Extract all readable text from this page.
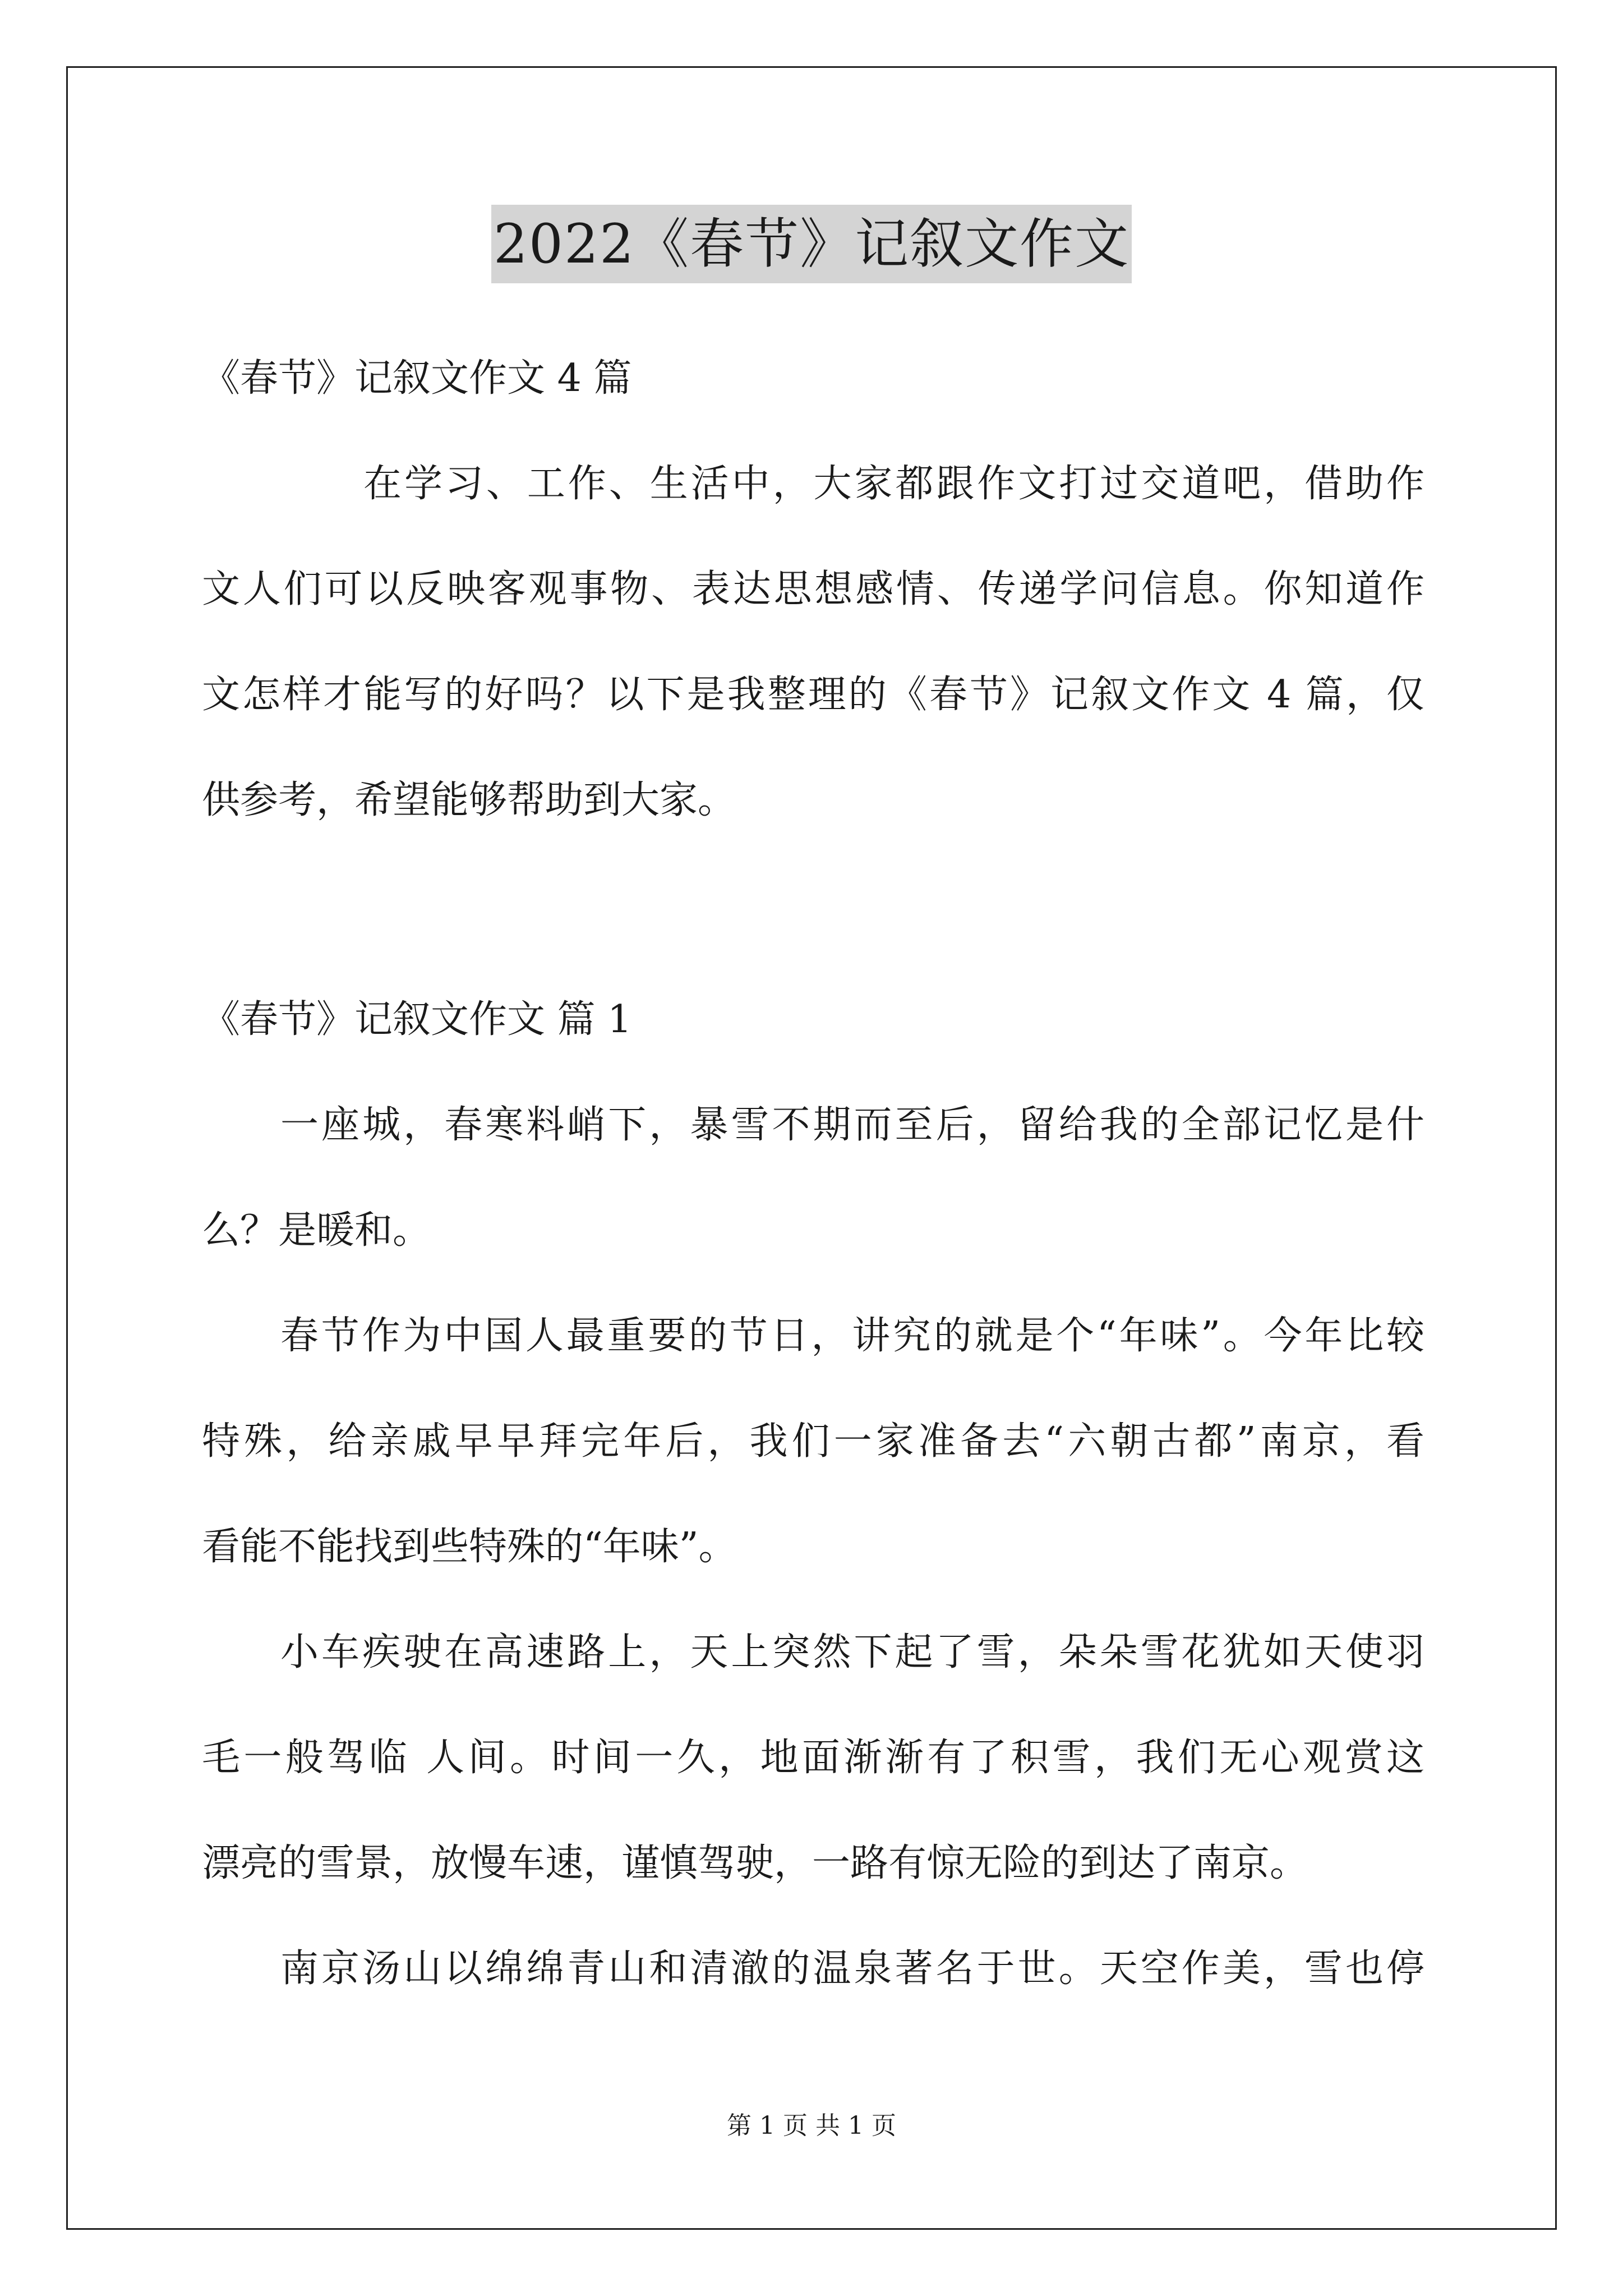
2022《春节》记叙文作文
《春节》记叙文作文 4 篇
在学习、工作、生活中，大家都跟作文打过交道吧，借助作
文人们可以反映客观事物、表达思想感情、传递学问信息。你知道作
文怎样才能写的好吗？以下是我整理的《春节》记叙文作文 4 篇，仅
供参考，希望能够帮助到大家。
《春节》记叙文作文 篇 1
一座城，春寒料峭下，暴雪不期而至后，留给我的全部记忆是什
么？是暖和。
春节作为中国人最重要的节日，讲究的就是个“年味”。今年比较
特殊，给亲戚早早拜完年后，我们一家准备去“六朝古都”南京，看
看能不能找到些特殊的“年味”。
小车疾驶在高速路上，天上突然下起了雪，朵朵雪花犹如天使羽
毛一般驾临 人间。时间一久，地面渐渐有了积雪，我们无心观赏这
漂亮的雪景，放慢车速，谨慎驾驶，一路有惊无险的到达了南京。
南京汤山以绵绵青山和清澈的温泉著名于世。天空作美，雪也停
第 1 页 共 1 页
